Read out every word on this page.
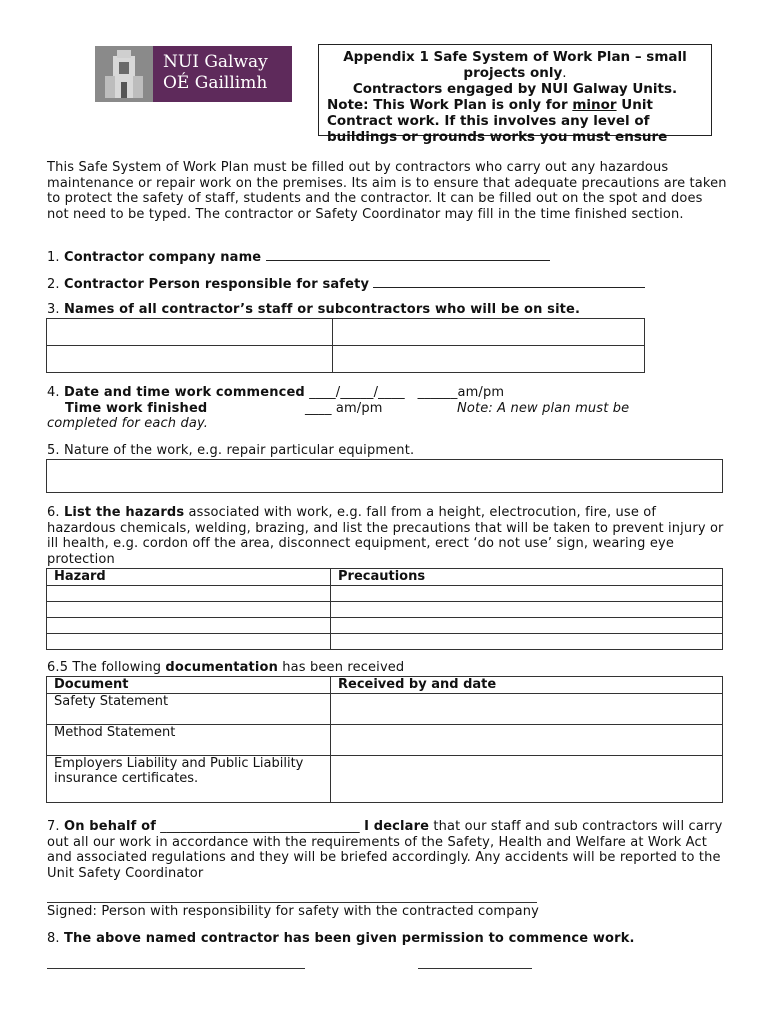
NUI Galway
OÉ Gaillimh
Appendix 1 Safe System of Work Plan – small projects only.
Contractors engaged by NUI Galway Units.
Note: This Work Plan is only for minor Unit
Contract work. If this involves any level of
buildings or grounds works you must ensure
This Safe System of Work Plan must be filled out by contractors who carry out any hazardous maintenance or repair work on the premises. Its aim is to ensure that adequate precautions are taken to protect the safety of staff, students and the contractor. It can be filled out on the spot and does not need to be typed. The contractor or Safety Coordinator may fill in the time finished section.
1. Contractor company name
2. Contractor Person responsible for safety
3. Names of all contractor’s staff or subcontractors who will be on site.

4. Date and time work commenced ____/_____/____ ______am/pm
Time work finished	____ am/pm	Note: A new plan must be
completed for each day.
5. Nature of the work, e.g. repair particular equipment.
6. List the hazards associated with work, e.g. fall from a height, electrocution, fire, use of hazardous chemicals, welding, brazing, and list the precautions that will be taken to prevent injury or ill health, e.g. cordon off the area, disconnect equipment, erect ‘do not use’ sign, wearing eye protection
Hazard	Precautions

6.5 The following documentation has been received
Document	Received by and date
Safety Statement	
Method Statement	
Employers Liability and Public Liability insurance certificates.	
7. On behalf of ______________________________ I declare that our staff and sub contractors will carry out all our work in accordance with the requirements of the Safety, Health and Welfare at Work Act and associated regulations and they will be briefed accordingly. Any accidents will be reported to the Unit Safety Coordinator
Signed: Person with responsibility for safety with the contracted company
8. The above named contractor has been given permission to commence work.
